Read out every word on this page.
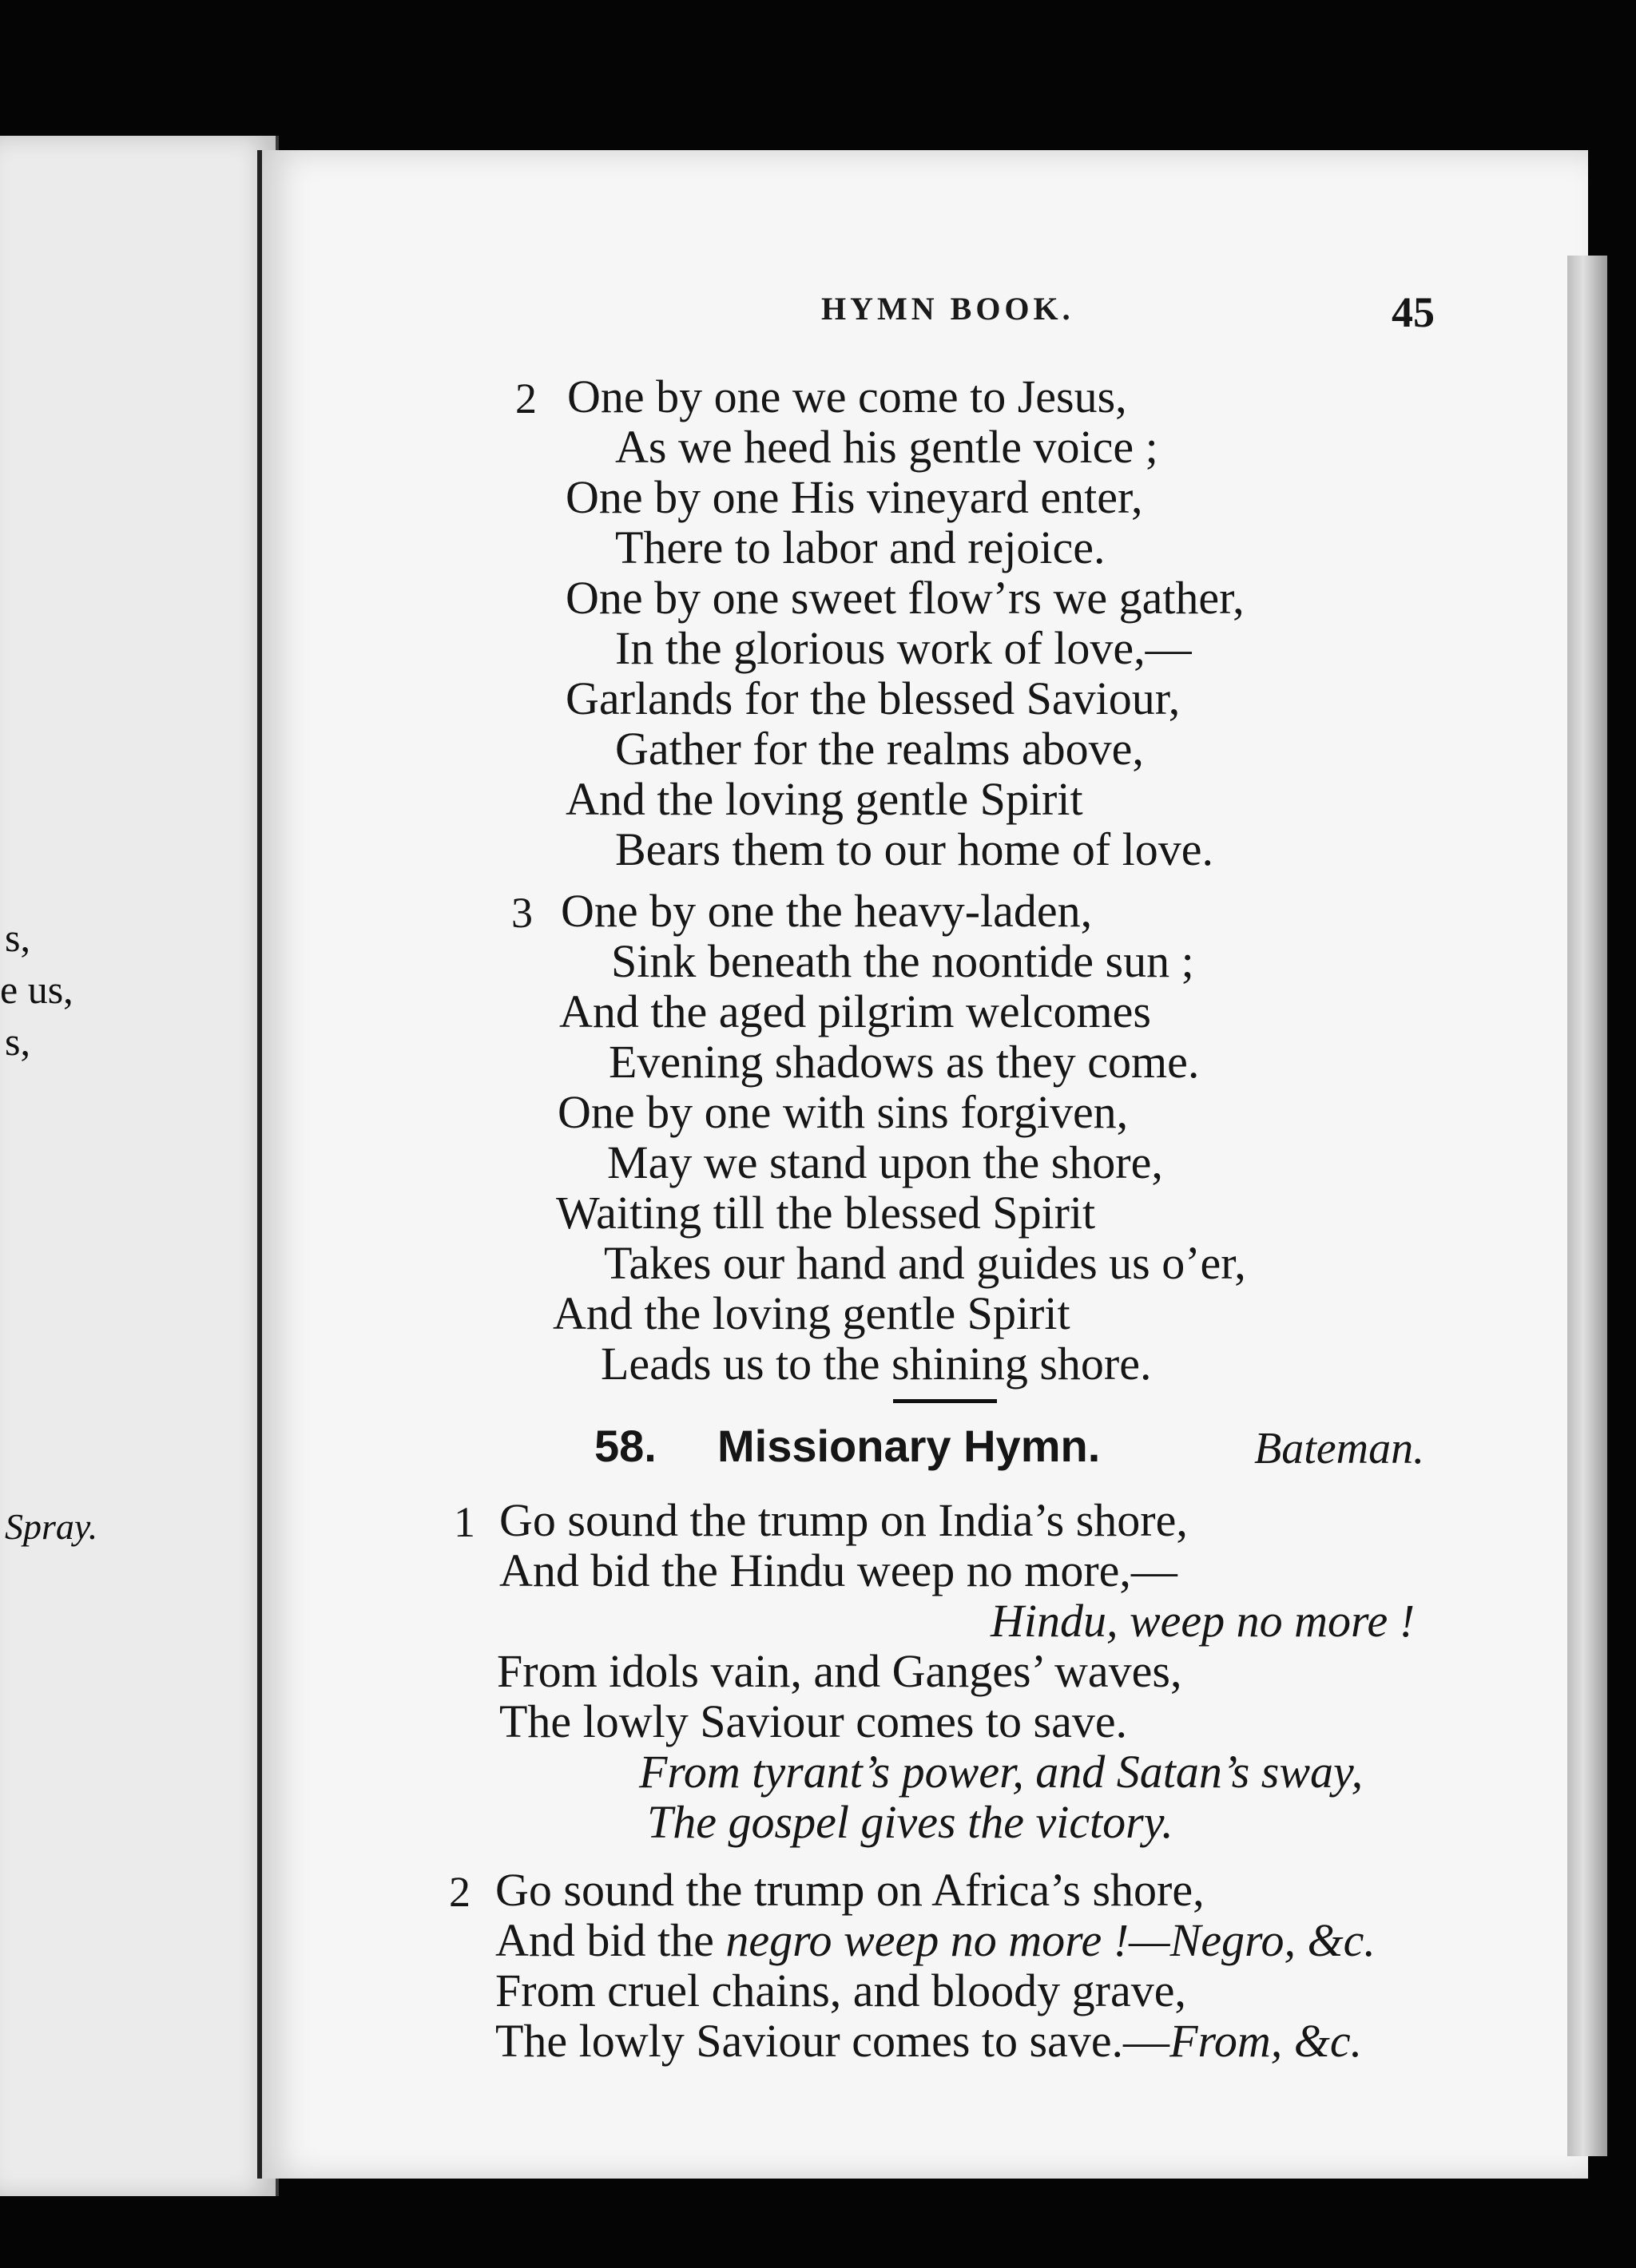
s,
e us,
s,
Spray.
HYMN BOOK.	45
2 One by one we come to Jesus,
As we heed his gentle voice ;
One by one His vineyard enter,
There to labor and rejoice.
One by one sweet flow’rs we gather,
In the glorious work of love,—
Garlands for the blessed Saviour,
Gather for the realms above,
And the loving gentle Spirit
Bears them to our home of love.
3 One by one the heavy-laden,
Sink beneath the noontide sun ;
And the aged pilgrim welcomes
Evening shadows as they come.
One by one with sins forgiven,
May we stand upon the shore,
Waiting till the blessed Spirit
Takes our hand and guides us o’er,
And the loving gentle Spirit
Leads us to the shining shore.
58. Missionary Hymn.	Bateman.
1 Go sound the trump on India’s shore,
And bid the Hindu weep no more,—
Hindu, weep no more !
From idols vain, and Ganges’ waves,
The lowly Saviour comes to save.
From tyrant’s power, and Satan’s sway,
The gospel gives the victory.
2 Go sound the trump on Africa’s shore,
And bid the negro weep no more !—Negro, &c.
From cruel chains, and bloody grave,
The lowly Saviour comes to save.—From, &c.
